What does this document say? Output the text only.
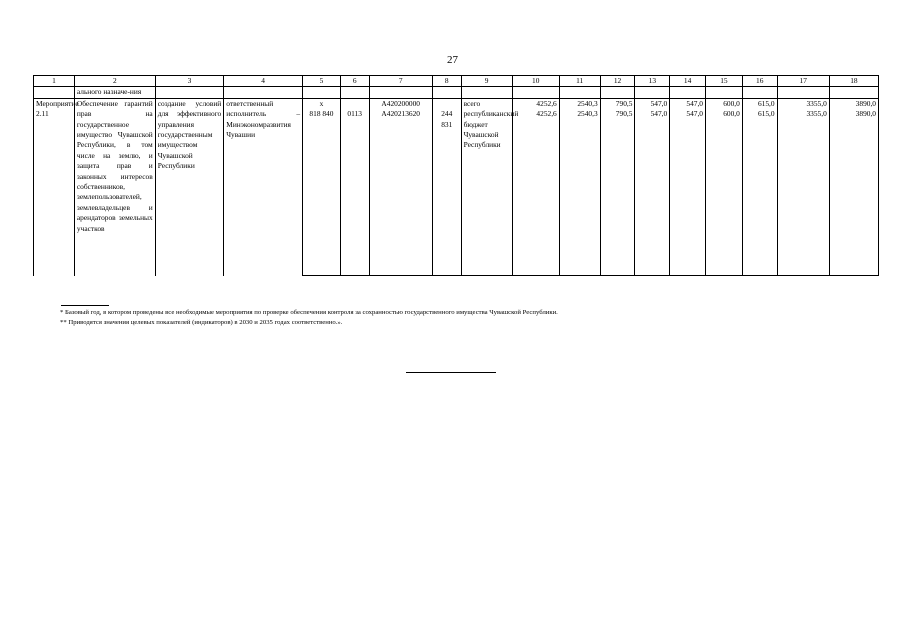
27
1	2	3	4	5	6	7	8	9	10	11	12	13	14	15	16	17	18
	ального назначе-ния																
Мероприятие 2.11	Обеспечение гарантий прав на государственное имущество Чувашской Республики, в том числе на землю, и защита прав и законных интересов собственников, землепользователей, землевладельцев и арендаторов земельных участков	создание условий для эффективного управления государственным имуществом Чувашской Республики	ответственный исполнитель – Минэкономразвития Чувашии	x		А420200000		всего	4252,6	2540,3	790,5	547,0	547,0	600,0	615,0	3355,0	3890,0
				818 840	0113	А420213620	244 831	республиканский бюджет Чувашской Республики	4252,6	2540,3	790,5	547,0	547,0	600,0	615,0	3355,0	3890,0
* Базовый год, в котором проведены все необходимые мероприятия по проверке обеспечения контроля за сохранностью государственного имущества Чувашской Республики.
** Приводятся значения целевых показателей (индикаторов) в 2030 и 2035 годах соответственно.».
